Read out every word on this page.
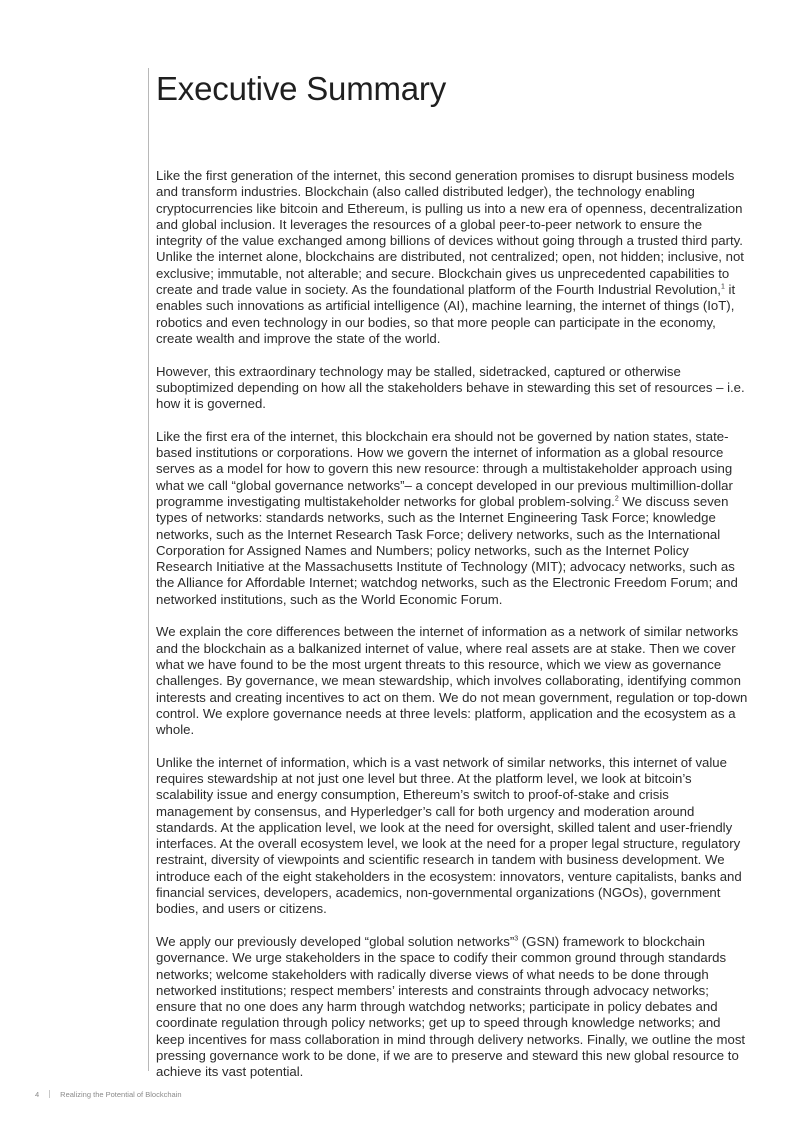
Executive Summary

Like the first generation of the internet, this second generation promises to disrupt business models and transform industries. Blockchain (also called distributed ledger), the technology enabling cryptocurrencies like bitcoin and Ethereum, is pulling us into a new era of openness, decentralization and global inclusion. It leverages the resources of a global peer-to-peer network to ensure the integrity of the value exchanged among billions of devices without going through a trusted third party. Unlike the internet alone, blockchains are distributed, not centralized; open, not hidden; inclusive, not exclusive; immutable, not alterable; and secure. Blockchain gives us unprecedented capabilities to create and trade value in society. As the foundational platform of the Fourth Industrial Revolution,$^1$ it enables such innovations as artificial intelligence (AI), machine learning, the internet of things (IoT), robotics and even technology in our bodies, so that more people can participate in the economy, create wealth and improve the state of the world.

However, this extraordinary technology may be stalled, sidetracked, captured or otherwise suboptimized depending on how all the stakeholders behave in stewarding this set of resources – i.e. how it is governed.

Like the first era of the internet, this blockchain era should not be governed by nation states, state-based institutions or corporations. How we govern the internet of information as a global resource serves as a model for how to govern this new resource: through a multistakeholder approach using what we call “global governance networks”– a concept developed in our previous multimillion-dollar programme investigating multistakeholder networks for global problem-solving.$^2$ We discuss seven types of networks: standards networks, such as the Internet Engineering Task Force; knowledge networks, such as the Internet Research Task Force; delivery networks, such as the International Corporation for Assigned Names and Numbers; policy networks, such as the Internet Policy Research Initiative at the Massachusetts Institute of Technology (MIT); advocacy networks, such as the Alliance for Affordable Internet; watchdog networks, such as the Electronic Freedom Forum; and networked institutions, such as the World Economic Forum.

We explain the core differences between the internet of information as a network of similar networks and the blockchain as a balkanized internet of value, where real assets are at stake. Then we cover what we have found to be the most urgent threats to this resource, which we view as governance challenges. By governance, we mean stewardship, which involves collaborating, identifying common interests and creating incentives to act on them. We do not mean government, regulation or top-down control. We explore governance needs at three levels: platform, application and the ecosystem as a whole.

Unlike the internet of information, which is a vast network of similar networks, this internet of value requires stewardship at not just one level but three. At the platform level, we look at bitcoin’s scalability issue and energy consumption, Ethereum’s switch to proof-of-stake and crisis management by consensus, and Hyperledger’s call for both urgency and moderation around standards. At the application level, we look at the need for oversight, skilled talent and user-friendly interfaces. At the overall ecosystem level, we look at the need for a proper legal structure, regulatory restraint, diversity of viewpoints and scientific research in tandem with business development. We introduce each of the eight stakeholders in the ecosystem: innovators, venture capitalists, banks and financial services, developers, academics, non-governmental organizations (NGOs), government bodies, and users or citizens.

We apply our previously developed “global solution networks”$^3$ (GSN) framework to blockchain governance. We urge stakeholders in the space to codify their common ground through standards networks; welcome stakeholders with radically diverse views of what needs to be done through networked institutions; respect members’ interests and constraints through advocacy networks; ensure that no one does any harm through watchdog networks; participate in policy debates and coordinate regulation through policy networks; get up to speed through knowledge networks; and keep incentives for mass collaboration in mind through delivery networks. Finally, we outline the most pressing governance work to be done, if we are to preserve and steward this new global resource to achieve its vast potential.

4	Realizing the Potential of Blockchain
